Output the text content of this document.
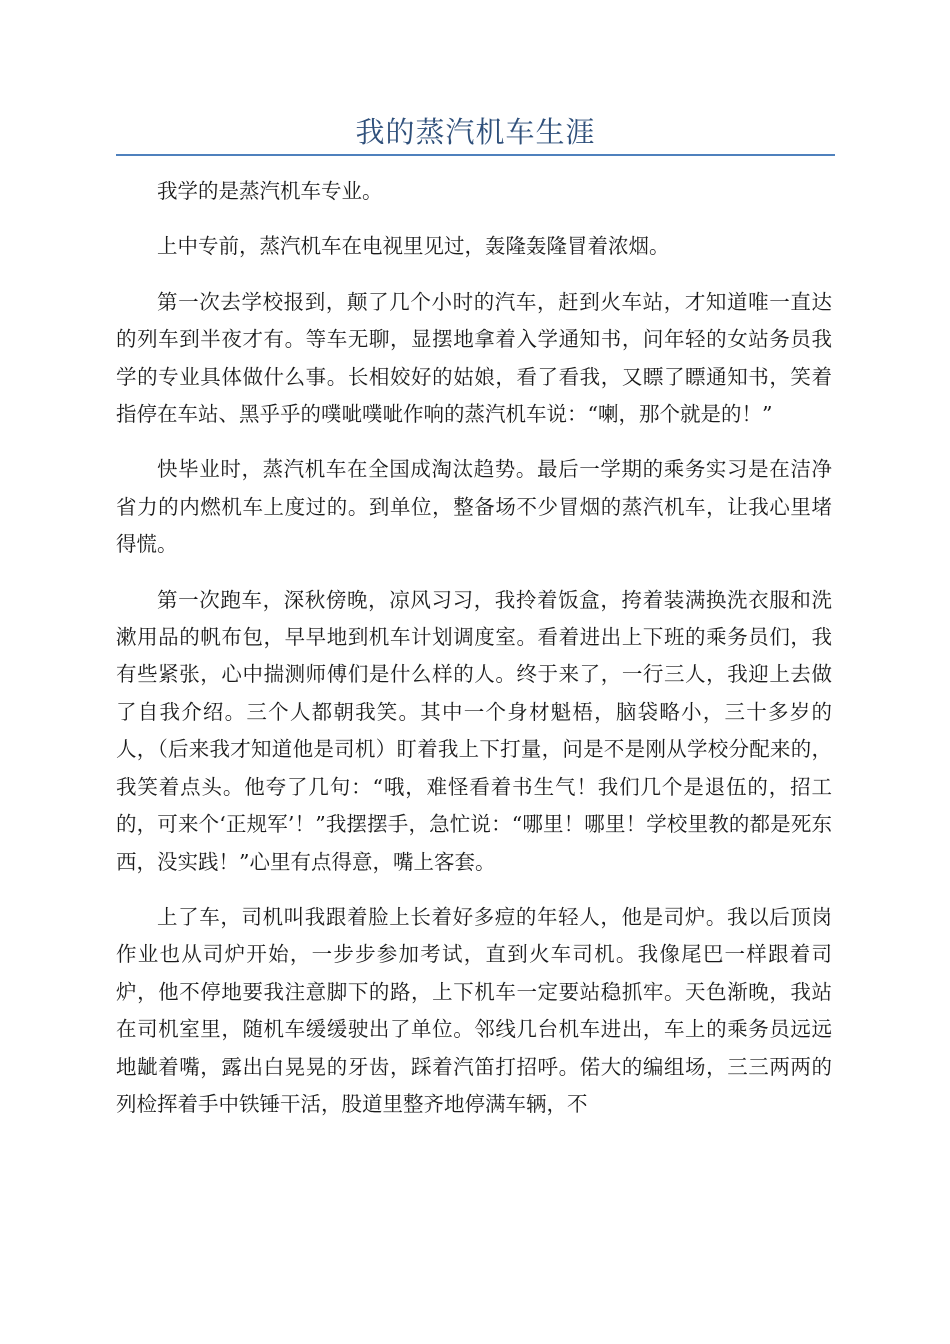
我的蒸汽机车生涯

我学的是蒸汽机车专业。

上中专前，蒸汽机车在电视里见过，轰隆轰隆冒着浓烟。

第一次去学校报到，颠了几个小时的汽车，赶到火车站，才知道唯一直达的列车到半夜才有。等车无聊，显摆地拿着入学通知书，问年轻的女站务员我学的专业具体做什么事。长相姣好的姑娘，看了看我，又瞟了瞟通知书，笑着指停在车站、黑乎乎的噗呲噗呲作响的蒸汽机车说：“喇，那个就是的！”

快毕业时，蒸汽机车在全国成淘汰趋势。最后一学期的乘务实习是在洁净省力的内燃机车上度过的。到单位，整备场不少冒烟的蒸汽机车，让我心里堵得慌。

第一次跑车，深秋傍晚，凉风习习，我拎着饭盒，挎着装满换洗衣服和洗漱用品的帆布包，早早地到机车计划调度室。看着进出上下班的乘务员们，我有些紧张，心中揣测师傅们是什么样的人。终于来了，一行三人，我迎上去做了自我介绍。三个人都朝我笑。其中一个身材魁梧，脑袋略小，三十多岁的人，（后来我才知道他是司机）盯着我上下打量，问是不是刚从学校分配来的，我笑着点头。他夸了几句：“哦，难怪看着书生气！我们几个是退伍的，招工的，可来个‘正规军’！”我摆摆手，急忙说：“哪里！哪里！学校里教的都是死东西，没实践！”心里有点得意，嘴上客套。

上了车，司机叫我跟着脸上长着好多痘的年轻人，他是司炉。我以后顶岗作业也从司炉开始，一步步参加考试，直到火车司机。我像尾巴一样跟着司炉，他不停地要我注意脚下的路，上下机车一定要站稳抓牢。天色渐晚，我站在司机室里，随机车缓缓驶出了单位。邻线几台机车进出，车上的乘务员远远地龇着嘴，露出白晃晃的牙齿，踩着汽笛打招呼。偌大的编组场，三三两两的列检挥着手中铁锤干活，股道里整齐地停满车辆，不
